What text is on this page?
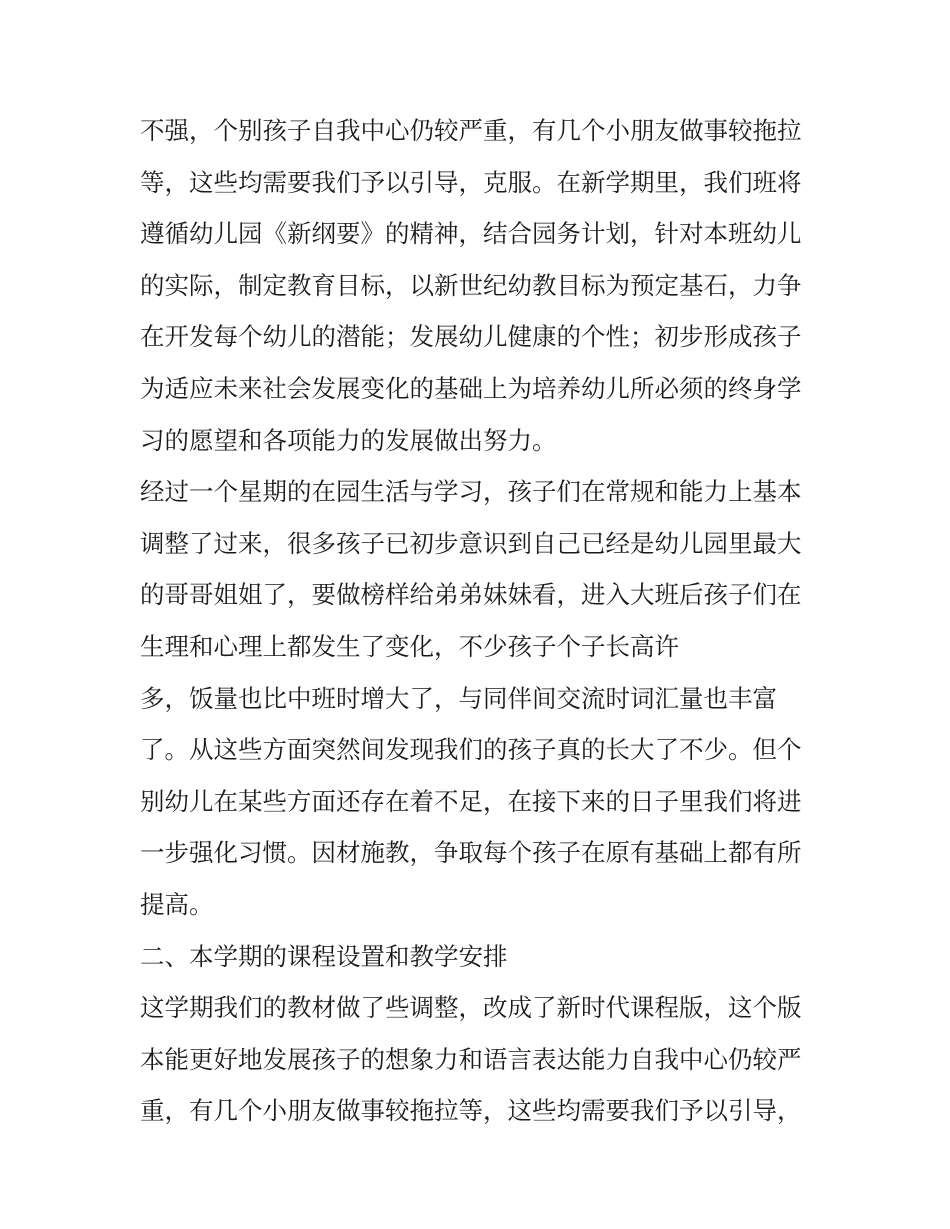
不强，个别孩子自我中心仍较严重，有几个小朋友做事较拖拉
等，这些均需要我们予以引导，克服。在新学期里，我们班将
遵循幼儿园《新纲要》的精神，结合园务计划，针对本班幼儿
的实际，制定教育目标，以新世纪幼教目标为预定基石，力争
在开发每个幼儿的潜能；发展幼儿健康的个性；初步形成孩子
为适应未来社会发展变化的基础上为培养幼儿所必须的终身学
习的愿望和各项能力的发展做出努力。
经过一个星期的在园生活与学习，孩子们在常规和能力上基本
调整了过来，很多孩子已初步意识到自己已经是幼儿园里最大
的哥哥姐姐了，要做榜样给弟弟妹妹看，进入大班后孩子们在
生理和心理上都发生了变化，不少孩子个子长高许
多，饭量也比中班时增大了，与同伴间交流时词汇量也丰富
了。从这些方面突然间发现我们的孩子真的长大了不少。但个
别幼儿在某些方面还存在着不足，在接下来的日子里我们将进
一步强化习惯。因材施教，争取每个孩子在原有基础上都有所
提高。
二、本学期的课程设置和教学安排
这学期我们的教材做了些调整，改成了新时代课程版，这个版
本能更好地发展孩子的想象力和语言表达能力自我中心仍较严
重，有几个小朋友做事较拖拉等，这些均需要我们予以引导，
